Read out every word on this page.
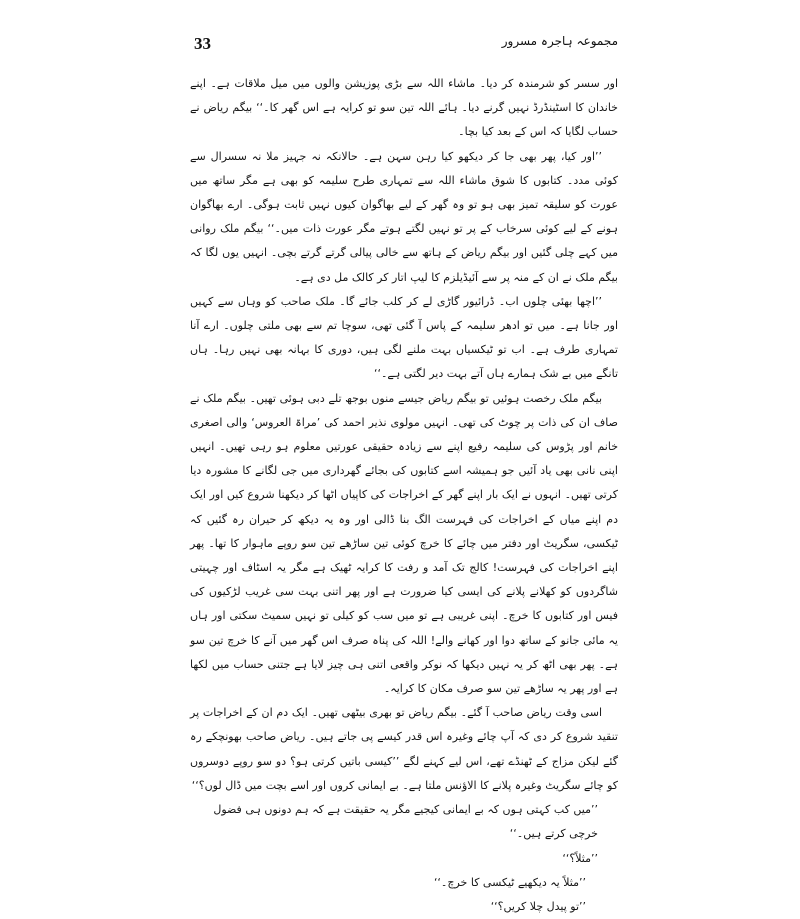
33	مجموعہ ہاجرہ مسرور

اور سسر کو شرمندہ کر دیا۔ ماشاء اللہ سے بڑی پوزیشن والوں میں میل ملاقات ہے۔ اپنے خاندان کا اسٹینڈرڈ نہیں گرنے دیا۔ ہائے اللہ تین سو تو کرایہ ہے اس گھر کا۔‘‘ بیگم ریاض نے حساب لگایا کہ اس کے بعد کیا بچا۔

’’اور کیا، پھر بھی جا کر دیکھو کیا رہن سہن ہے۔ حالانکہ نہ جہیز ملا نہ سسرال سے کوئی مدد۔ کتابوں کا شوق ماشاء اللہ سے تمہاری طرح سلیمہ کو بھی ہے مگر ساتھ میں عورت کو سلیقہ تمیز بھی ہو تو وہ گھر کے لیے بھاگوان کیوں نہیں ثابت ہوگی۔ ارے بھاگوان ہونے کے لیے کوئی سرخاب کے پر تو نہیں لگتے ہوتے مگر عورت ذات میں۔‘‘ بیگم ملک روانی میں کہے چلی گئیں اور بیگم ریاض کے ہاتھ سے خالی پیالی گرتے گرتے بچی۔ انہیں یوں لگا کہ بیگم ملک نے ان کے منہ پر سے آئیڈیلزم کا لیپ اتار کر کالک مل دی ہے۔

’’اچھا بھئی چلوں اب۔ ڈرائیور گاڑی لے کر کلب جائے گا۔ ملک صاحب کو وہاں سے کہیں اور جانا ہے۔ میں تو ادھر سلیمہ کے پاس آ گئی تھی، سوچا تم سے بھی ملتی چلوں۔ ارے آنا تمہاری طرف ہے۔ اب تو ٹیکسیاں بہت ملنے لگی ہیں، دوری کا بہانہ بھی نہیں رہا۔ ہاں تانگے میں بے شک ہمارے ہاں آتے بہت دیر لگتی ہے۔‘‘

بیگم ملک رخصت ہوئیں تو بیگم ریاض جیسے منوں بوجھ تلے دبی ہوئی تھیں۔ بیگم ملک نے صاف ان کی ذات پر چوٹ کی تھی۔ انہیں مولوی نذیر احمد کی ’مراۃ العروس‘ والی اصغری خانم اور پڑوس کی سلیمہ رفیع اپنے سے زیادہ حقیقی عورتیں معلوم ہو رہی تھیں۔ انہیں اپنی نانی بھی یاد آئیں جو ہمیشہ اسے کتابوں کی بجائے گھرداری میں جی لگانے کا مشورہ دیا کرتی تھیں۔ انہوں نے ایک بار اپنے گھر کے اخراجات کی کاپیاں اٹھا کر دیکھنا شروع کیں اور ایک دم اپنے میاں کے اخراجات کی فہرست الگ بنا ڈالی اور وہ یہ دیکھ کر حیران رہ گئیں کہ ٹیکسی، سگریٹ اور دفتر میں چائے کا خرچ کوئی تین ساڑھے تین سو روپے ماہوار کا تھا۔ پھر اپنے اخراجات کی فہرست! کالج تک آمد و رفت کا کرایہ ٹھیک ہے مگر یہ اسٹاف اور چہیتی شاگردوں کو کھلانے پلانے کی ایسی کیا ضرورت ہے اور پھر اتنی بہت سی غریب لڑکیوں کی فیس اور کتابوں کا خرچ۔ اپنی غریبی ہے تو میں سب کو کیلی تو نہیں سمیٹ سکتی اور ہاں یہ مائی جانو کے ساتھ دوا اور کھانے والے! اللہ کی پناہ صرف اس گھر میں آنے کا خرچ تین سو ہے۔ پھر بھی اٹھ کر یہ نہیں دیکھا کہ نوکر واقعی اتنی ہی چیز لایا ہے جتنی حساب میں لکھا ہے اور پھر یہ ساڑھے تین سو صرف مکان کا کرایہ۔

اسی وقت ریاض صاحب آ گئے۔ بیگم ریاض تو بھری بیٹھی تھیں۔ ایک دم ان کے اخراجات پر تنقید شروع کر دی کہ آپ چائے وغیرہ اس قدر کیسے پی جاتے ہیں۔ ریاض صاحب بھونچکے رہ گئے لیکن مزاج کے ٹھنڈے تھے، اس لیے کہنے لگے ’’کیسی باتیں کرتی ہو؟ دو سو روپے دوسروں کو چائے سگریٹ وغیرہ پلانے کا الاؤنس ملتا ہے۔ بے ایمانی کروں اور اسے بچت میں ڈال لوں؟‘‘

’’میں کب کہتی ہوں کہ بے ایمانی کیجیے مگر یہ حقیقت ہے کہ ہم دونوں ہی فضول خرچی کرتے ہیں۔‘‘

’’مثلاً؟‘‘

’’مثلاً یہ دیکھیے ٹیکسی کا خرچ۔‘‘

’’تو پیدل چلا کریں؟‘‘
